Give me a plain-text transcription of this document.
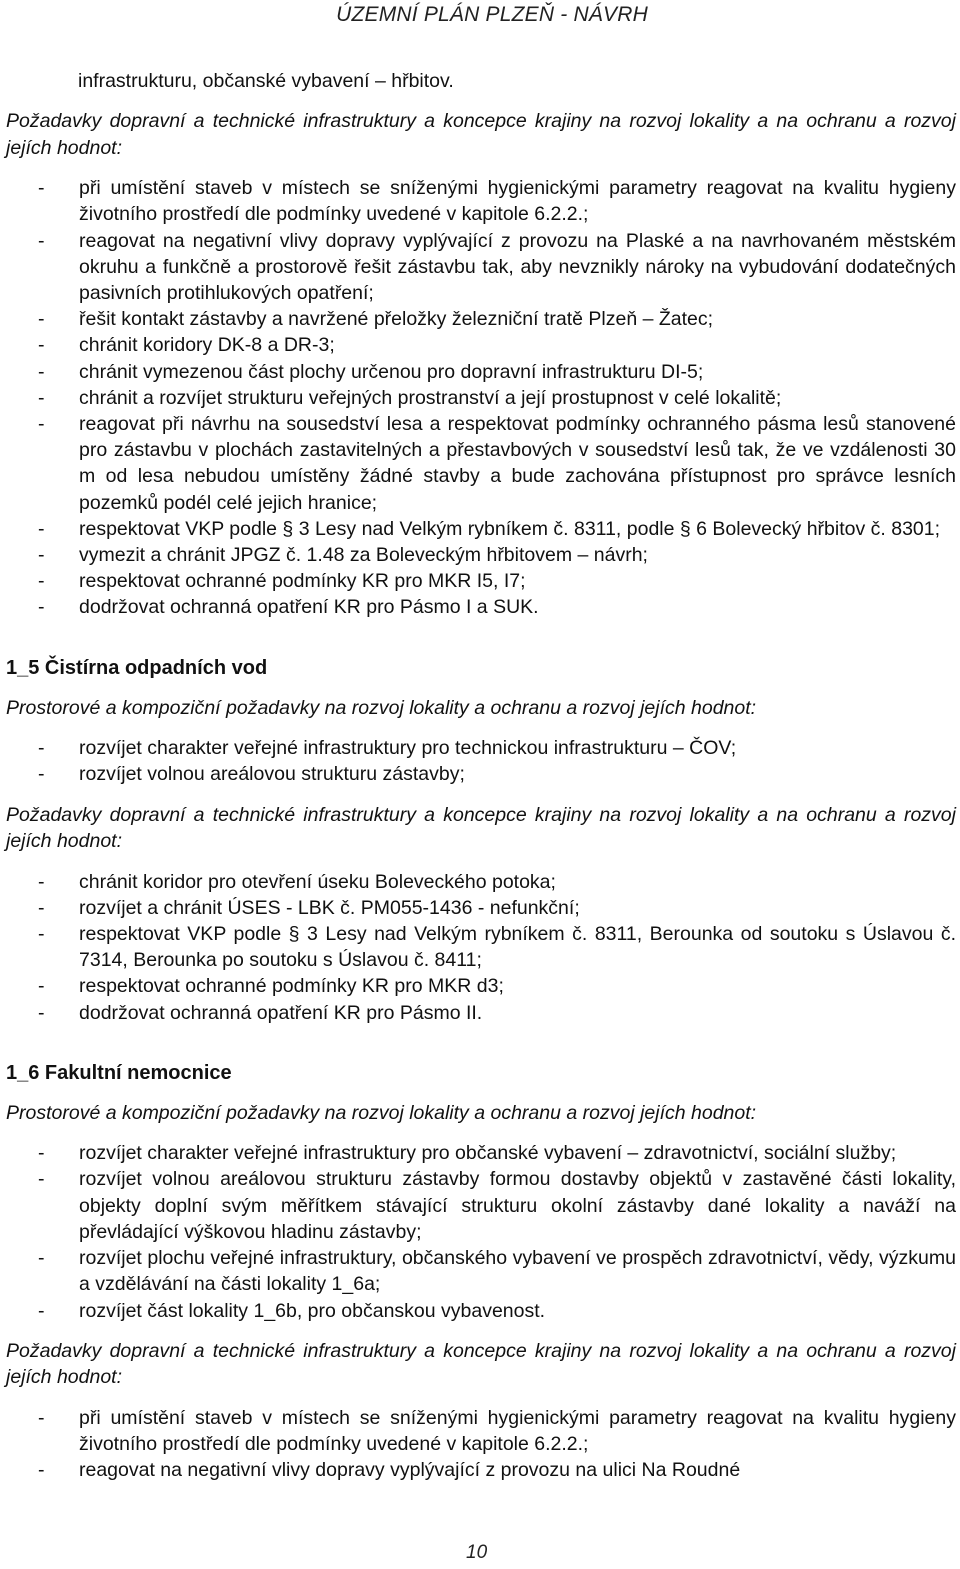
ÚZEMNÍ PLÁN PLZEŇ - NÁVRH
infrastrukturu, občanské vybavení – hřbitov.
Požadavky dopravní a technické infrastruktury a koncepce krajiny na rozvoj lokality a na ochranu a rozvoj jejích hodnot:
- při umístění staveb v místech se sníženými hygienickými parametry reagovat na kvalitu hygieny životního prostředí dle podmínky uvedené v kapitole 6.2.2.;
- reagovat na negativní vlivy dopravy vyplývající z provozu na Plaské a na navrhovaném městském okruhu a funkčně a prostorově řešit zástavbu tak, aby nevznikly nároky na vybudování dodatečných pasivních protihlukových opatření;
- řešit kontakt zástavby a navržené přeložky železniční tratě Plzeň – Žatec;
- chránit koridory DK-8 a DR-3;
- chránit vymezenou část plochy určenou pro dopravní infrastrukturu DI-5;
- chránit a rozvíjet strukturu veřejných prostranství a její prostupnost v celé lokalitě;
- reagovat při návrhu na sousedství lesa a respektovat podmínky ochranného pásma lesů stanovené pro zástavbu v plochách zastavitelných a přestavbových v sousedství lesů tak, že ve vzdálenosti 30 m od lesa nebudou umístěny žádné stavby a bude zachována přístupnost pro správce lesních pozemků podél celé jejich hranice;
- respektovat VKP podle § 3 Lesy nad Velkým rybníkem č. 8311, podle § 6 Bolevecký hřbitov č. 8301;
- vymezit a chránit JPGZ č. 1.48 za Boleveckým hřbitovem – návrh;
- respektovat ochranné podmínky KR pro MKR I5, I7;
- dodržovat ochranná opatření KR pro Pásmo I a SUK.
1_5 Čistírna odpadních vod
Prostorové a kompoziční požadavky na rozvoj lokality a ochranu a rozvoj jejích hodnot:
- rozvíjet charakter veřejné infrastruktury pro technickou infrastrukturu – ČOV;
- rozvíjet volnou areálovou strukturu zástavby;
Požadavky dopravní a technické infrastruktury a koncepce krajiny na rozvoj lokality a na ochranu a rozvoj jejích hodnot:
- chránit koridor pro otevření úseku Boleveckého potoka;
- rozvíjet a chránit ÚSES - LBK č. PM055-1436 - nefunkční;
- respektovat VKP podle § 3 Lesy nad Velkým rybníkem č. 8311, Berounka od soutoku s Úslavou č. 7314, Berounka po soutoku s Úslavou č. 8411;
- respektovat ochranné podmínky KR pro MKR d3;
- dodržovat ochranná opatření KR pro Pásmo II.
1_6 Fakultní nemocnice
Prostorové a kompoziční požadavky na rozvoj lokality a ochranu a rozvoj jejích hodnot:
- rozvíjet charakter veřejné infrastruktury pro občanské vybavení – zdravotnictví, sociální služby;
- rozvíjet volnou areálovou strukturu zástavby formou dostavby objektů v zastavěné části lokality, objekty doplní svým měřítkem stávající strukturu okolní zástavby dané lokality a naváží na převládající výškovou hladinu zástavby;
- rozvíjet plochu veřejné infrastruktury, občanského vybavení ve prospěch zdravotnictví, vědy, výzkumu a vzdělávání na části lokality 1_6a;
- rozvíjet část lokality 1_6b, pro občanskou vybavenost.
Požadavky dopravní a technické infrastruktury a koncepce krajiny na rozvoj lokality a na ochranu a rozvoj jejích hodnot:
- při umístění staveb v místech se sníženými hygienickými parametry reagovat na kvalitu hygieny životního prostředí dle podmínky uvedené v kapitole 6.2.2.;
- reagovat na negativní vlivy dopravy vyplývající z provozu na ulici Na Roudné
10
